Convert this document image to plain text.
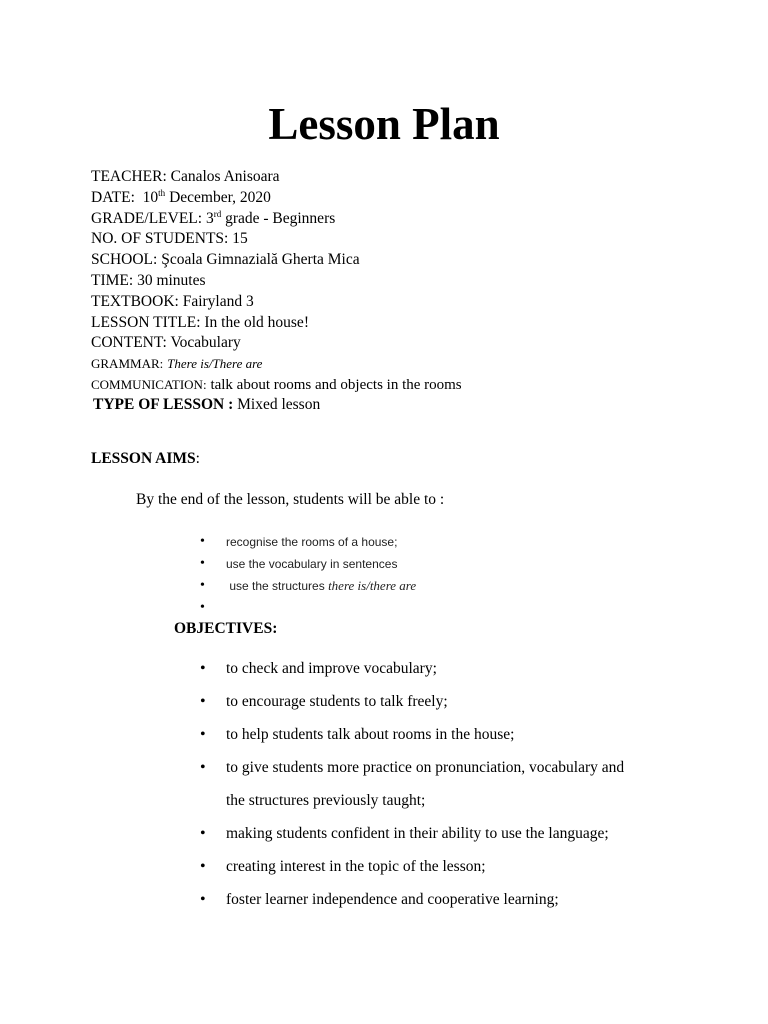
Lesson Plan
TEACHER: Canalos Anisoara
DATE: 10th December, 2020
GRADE/LEVEL: 3rd grade - Beginners
NO. OF STUDENTS: 15
SCHOOL: Şcoala Gimnazială Gherta Mica
TIME: 30 minutes
TEXTBOOK: Fairyland 3
LESSON TITLE: In the old house!
CONTENT: Vocabulary
GRAMMAR: There is/There are
COMMUNICATION: talk about rooms and objects in the rooms
TYPE OF LESSON : Mixed lesson
LESSON AIMS:
By the end of the lesson, students will be able to :
• recognise the rooms of a house;
• use the vocabulary in sentences
• use the structures there is/there are
•
OBJECTIVES:
• to check and improve vocabulary;
• to encourage students to talk freely;
• to help students talk about rooms in the house;
• to give students more practice on pronunciation, vocabulary and
the structures previously taught;
• making students confident in their ability to use the language;
• creating interest in the topic of the lesson;
• foster learner independence and cooperative learning;
